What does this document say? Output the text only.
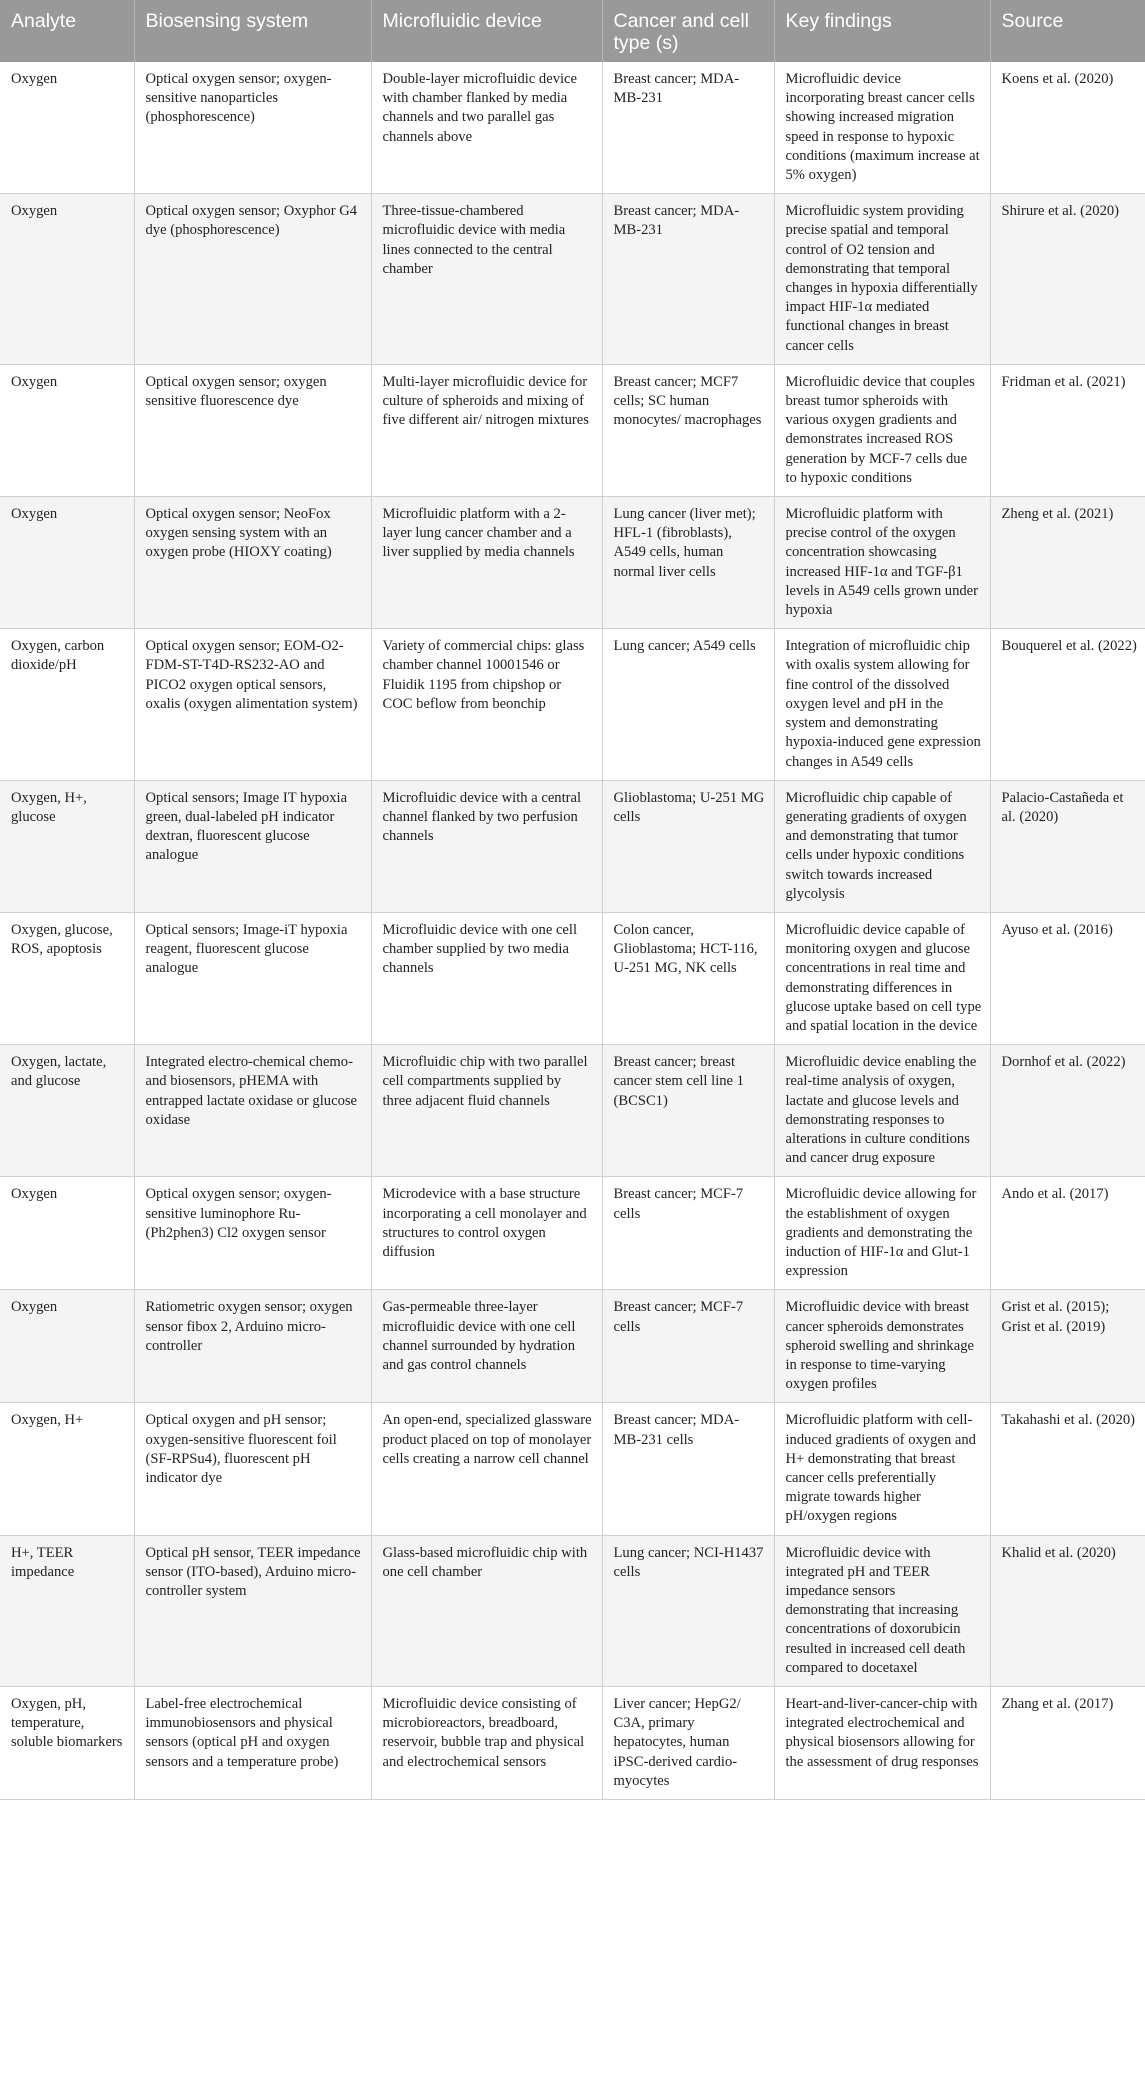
Analyte	Biosensing system	Microfluidic device	Cancer and cell type (s)	Key findings	Source
Oxygen	Optical oxygen sensor; oxygen-sensitive nanoparticles (phosphorescence)	Double-layer microfluidic device with chamber flanked by media channels and two parallel gas channels above	Breast cancer; MDA-MB-231	Microfluidic device incorporating breast cancer cells showing increased migration speed in response to hypoxic conditions (maximum increase at 5% oxygen)	Koens et al. (2020)
Oxygen	Optical oxygen sensor; Oxyphor G4 dye (phosphorescence)	Three-tissue-chambered microfluidic device with media lines connected to the central chamber	Breast cancer; MDA-MB-231	Microfluidic system providing precise spatial and temporal control of O2 tension and demonstrating that temporal changes in hypoxia differentially impact HIF-1α mediated functional changes in breast cancer cells	Shirure et al. (2020)
Oxygen	Optical oxygen sensor; oxygen sensitive fluorescence dye	Multi-layer microfluidic device for culture of spheroids and mixing of five different air/ nitrogen mixtures	Breast cancer; MCF7 cells; SC human monocytes/ macrophages	Microfluidic device that couples breast tumor spheroids with various oxygen gradients and demonstrates increased ROS generation by MCF-7 cells due to hypoxic conditions	Fridman et al. (2021)
Oxygen	Optical oxygen sensor; NeoFox oxygen sensing system with an oxygen probe (HIOXY coating)	Microfluidic platform with a 2-layer lung cancer chamber and a liver supplied by media channels	Lung cancer (liver met); HFL-1 (fibroblasts), A549 cells, human normal liver cells	Microfluidic platform with precise control of the oxygen concentration showcasing increased HIF-1α and TGF-β1 levels in A549 cells grown under hypoxia	Zheng et al. (2021)
Oxygen, carbon dioxide/pH	Optical oxygen sensor; EOM-O2-FDM-ST-T4D-RS232-AO and PICO2 oxygen optical sensors, oxalis (oxygen alimentation system)	Variety of commercial chips: glass chamber channel 10001546 or Fluidik 1195 from chipshop or COC beflow from beonchip	Lung cancer; A549 cells	Integration of microfluidic chip with oxalis system allowing for fine control of the dissolved oxygen level and pH in the system and demonstrating hypoxia-induced gene expression changes in A549 cells	Bouquerel et al. (2022)
Oxygen, H+, glucose	Optical sensors; Image IT hypoxia green, dual-labeled pH indicator dextran, fluorescent glucose analogue	Microfluidic device with a central channel flanked by two perfusion channels	Glioblastoma; U-251 MG cells	Microfluidic chip capable of generating gradients of oxygen and demonstrating that tumor cells under hypoxic conditions switch towards increased glycolysis	Palacio-Castañeda et al. (2020)
Oxygen, glucose, ROS, apoptosis	Optical sensors; Image-iT hypoxia reagent, fluorescent glucose analogue	Microfluidic device with one cell chamber supplied by two media channels	Colon cancer, Glioblastoma; HCT-116, U-251 MG, NK cells	Microfluidic device capable of monitoring oxygen and glucose concentrations in real time and demonstrating differences in glucose uptake based on cell type and spatial location in the device	Ayuso et al. (2016)
Oxygen, lactate, and glucose	Integrated electro-chemical chemo- and biosensors, pHEMA with entrapped lactate oxidase or glucose oxidase	Microfluidic chip with two parallel cell compartments supplied by three adjacent fluid channels	Breast cancer; breast cancer stem cell line 1 (BCSC1)	Microfluidic device enabling the real-time analysis of oxygen, lactate and glucose levels and demonstrating responses to alterations in culture conditions and cancer drug exposure	Dornhof et al. (2022)
Oxygen	Optical oxygen sensor; oxygen-sensitive luminophore Ru-(Ph2phen3) Cl2 oxygen sensor	Microdevice with a base structure incorporating a cell monolayer and structures to control oxygen diffusion	Breast cancer; MCF-7 cells	Microfluidic device allowing for the establishment of oxygen gradients and demonstrating the induction of HIF-1α and Glut-1 expression	Ando et al. (2017)
Oxygen	Ratiometric oxygen sensor; oxygen sensor fibox 2, Arduino micro-controller	Gas-permeable three-layer microfluidic device with one cell channel surrounded by hydration and gas control channels	Breast cancer; MCF-7 cells	Microfluidic device with breast cancer spheroids demonstrates spheroid swelling and shrinkage in response to time-varying oxygen profiles	Grist et al. (2015); Grist et al. (2019)
Oxygen, H+	Optical oxygen and pH sensor; oxygen-sensitive fluorescent foil (SF-RPSu4), fluorescent pH indicator dye	An open-end, specialized glassware product placed on top of monolayer cells creating a narrow cell channel	Breast cancer; MDA-MB-231 cells	Microfluidic platform with cell-induced gradients of oxygen and H+ demonstrating that breast cancer cells preferentially migrate towards higher pH/oxygen regions	Takahashi et al. (2020)
H+, TEER impedance	Optical pH sensor, TEER impedance sensor (ITO-based), Arduino micro-controller system	Glass-based microfluidic chip with one cell chamber	Lung cancer; NCI-H1437 cells	Microfluidic device with integrated pH and TEER impedance sensors demonstrating that increasing concentrations of doxorubicin resulted in increased cell death compared to docetaxel	Khalid et al. (2020)
Oxygen, pH, temperature, soluble biomarkers	Label-free electrochemical immunobiosensors and physical sensors (optical pH and oxygen sensors and a temperature probe)	Microfluidic device consisting of microbioreactors, breadboard, reservoir, bubble trap and physical and electrochemical sensors	Liver cancer; HepG2/ C3A, primary hepatocytes, human iPSC-derived cardio-myocytes	Heart-and-liver-cancer-chip with integrated electrochemical and physical biosensors allowing for the assessment of drug responses	Zhang et al. (2017)
